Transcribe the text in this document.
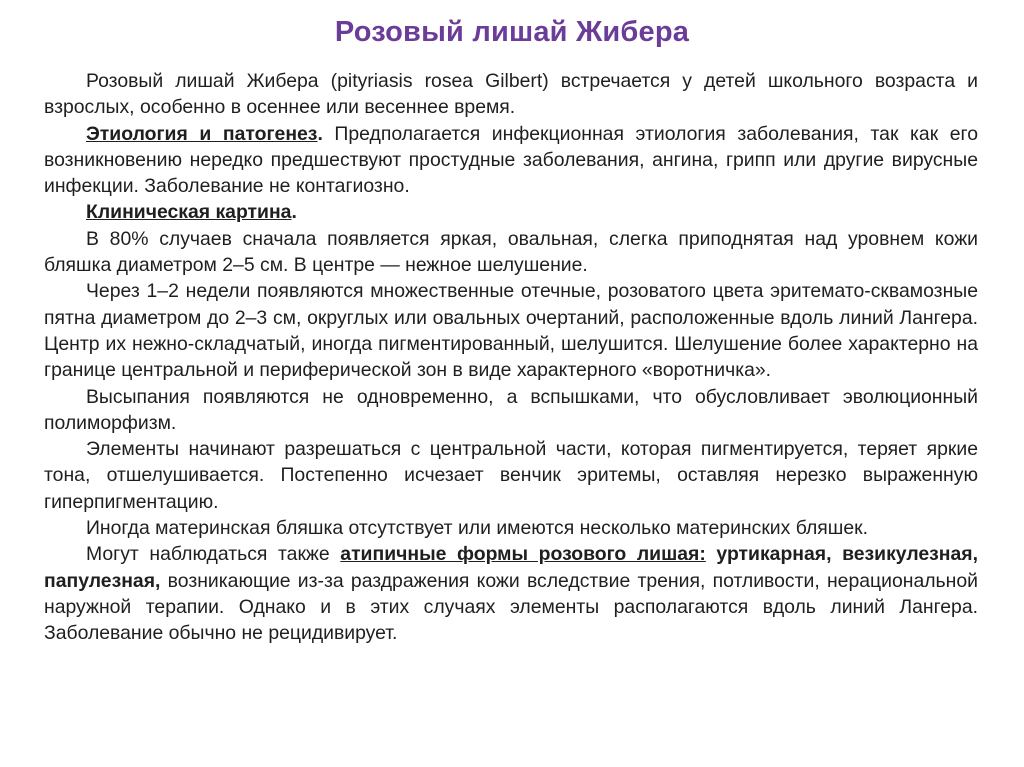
Розовый лишай Жибера

Розовый лишай Жибера (pityriasis rosea Gilbert) встречается у детей школьного возраста и взрослых, особенно в осеннее или весеннее время.

Этиология и патогенез. Предполагается инфекционная этиология заболевания, так как его возникновению нередко предшествуют простудные заболевания, ангина, грипп или другие вирусные инфекции. Заболевание не контагиозно.

Клиническая картина.

В 80% случаев сначала появляется яркая, овальная, слегка приподнятая над уровнем кожи бляшка диаметром 2–5 см. В центре — нежное шелушение.

Через 1–2 недели появляются множественные отечные, розоватого цвета эритемато-сквамозные пятна диаметром до 2–3 см, округлых или овальных очертаний, расположенные вдоль линий Лангера. Центр их нежно-складчатый, иногда пигментированный, шелушится. Шелушение более характерно на границе центральной и периферической зон в виде характерного «воротничка».

Высыпания появляются не одновременно, а вспышками, что обусловливает эволюционный полиморфизм.

Элементы начинают разрешаться с центральной части, которая пигментируется, теряет яркие тона, отшелушивается. Постепенно исчезает венчик эритемы, оставляя нерезко выраженную гиперпигментацию.

Иногда материнская бляшка отсутствует или имеются несколько материнских бляшек.

Могут наблюдаться также атипичные формы розового лишая: уртикарная, везикулезная, папулезная, возникающие из-за раздражения кожи вследствие трения, потливости, нерациональной наружной терапии. Однако и в этих случаях элементы располагаются вдоль линий Лангера. Заболевание обычно не рецидивирует.
